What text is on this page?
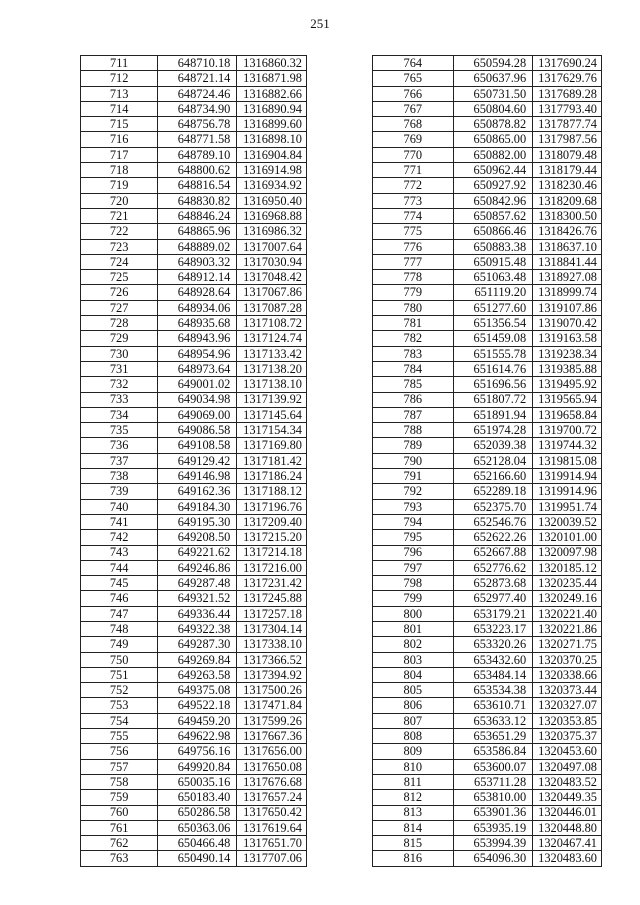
251
711	648710.18	1316860.32
712	648721.14	1316871.98
713	648724.46	1316882.66
714	648734.90	1316890.94
715	648756.78	1316899.60
716	648771.58	1316898.10
717	648789.10	1316904.84
718	648800.62	1316914.98
719	648816.54	1316934.92
720	648830.82	1316950.40
721	648846.24	1316968.88
722	648865.96	1316986.32
723	648889.02	1317007.64
724	648903.32	1317030.94
725	648912.14	1317048.42
726	648928.64	1317067.86
727	648934.06	1317087.28
728	648935.68	1317108.72
729	648943.96	1317124.74
730	648954.96	1317133.42
731	648973.64	1317138.20
732	649001.02	1317138.10
733	649034.98	1317139.92
734	649069.00	1317145.64
735	649086.58	1317154.34
736	649108.58	1317169.80
737	649129.42	1317181.42
738	649146.98	1317186.24
739	649162.36	1317188.12
740	649184.30	1317196.76
741	649195.30	1317209.40
742	649208.50	1317215.20
743	649221.62	1317214.18
744	649246.86	1317216.00
745	649287.48	1317231.42
746	649321.52	1317245.88
747	649336.44	1317257.18
748	649322.38	1317304.14
749	649287.30	1317338.10
750	649269.84	1317366.52
751	649263.58	1317394.92
752	649375.08	1317500.26
753	649522.18	1317471.84
754	649459.20	1317599.26
755	649622.98	1317667.36
756	649756.16	1317656.00
757	649920.84	1317650.08
758	650035.16	1317676.68
759	650183.40	1317657.24
760	650286.58	1317650.42
761	650363.06	1317619.64
762	650466.48	1317651.70
763	650490.14	1317707.06
764	650594.28	1317690.24
765	650637.96	1317629.76
766	650731.50	1317689.28
767	650804.60	1317793.40
768	650878.82	1317877.74
769	650865.00	1317987.56
770	650882.00	1318079.48
771	650962.44	1318179.44
772	650927.92	1318230.46
773	650842.96	1318209.68
774	650857.62	1318300.50
775	650866.46	1318426.76
776	650883.38	1318637.10
777	650915.48	1318841.44
778	651063.48	1318927.08
779	651119.20	1318999.74
780	651277.60	1319107.86
781	651356.54	1319070.42
782	651459.08	1319163.58
783	651555.78	1319238.34
784	651614.76	1319385.88
785	651696.56	1319495.92
786	651807.72	1319565.94
787	651891.94	1319658.84
788	651974.28	1319700.72
789	652039.38	1319744.32
790	652128.04	1319815.08
791	652166.60	1319914.94
792	652289.18	1319914.96
793	652375.70	1319951.74
794	652546.76	1320039.52
795	652622.26	1320101.00
796	652667.88	1320097.98
797	652776.62	1320185.12
798	652873.68	1320235.44
799	652977.40	1320249.16
800	653179.21	1320221.40
801	653223.17	1320221.86
802	653320.26	1320271.75
803	653432.60	1320370.25
804	653484.14	1320338.66
805	653534.38	1320373.44
806	653610.71	1320327.07
807	653633.12	1320353.85
808	653651.29	1320375.37
809	653586.84	1320453.60
810	653600.07	1320497.08
811	653711.28	1320483.52
812	653810.00	1320449.35
813	653901.36	1320446.01
814	653935.19	1320448.80
815	653994.39	1320467.41
816	654096.30	1320483.60
